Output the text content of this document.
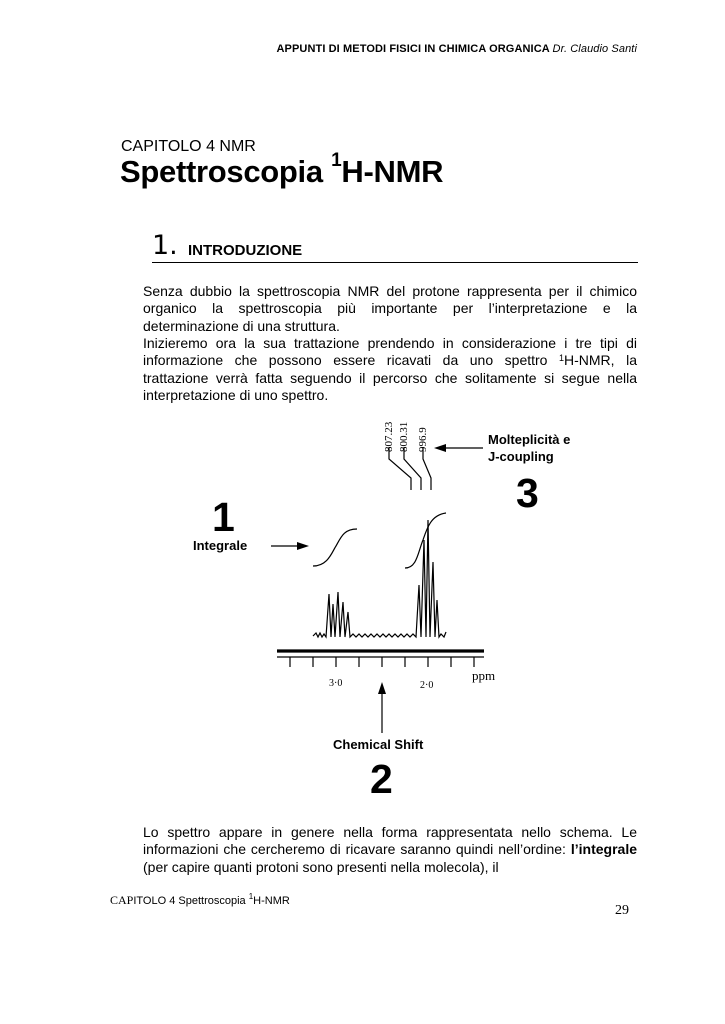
APPUNTI DI METODI FISICI IN CHIMICA ORGANICA Dr. Claudio Santi
CAPITOLO 4 NMR
Spettroscopia $^1$H-NMR
1. INTRODUZIONE
Senza dubbio la spettroscopia NMR del protone rappresenta per il chimico organico la spettroscopia più importante per l’interpretazione e la determinazione di una struttura.
Inizieremo ora la sua trattazione prendendo in considerazione i tre tipi di informazione che possono essere ricavati da uno spettro $^1$H-NMR, la trattazione verrà fatta seguendo il percorso che solitamente si segue nella interpretazione di uno spettro.
807.23 800.31 996.9
3·0	2·0
ppm
Integrale
1
Molteplicità e
J-coupling
3
Chemical Shift
2
Lo spettro appare in genere nella forma rappresentata nello schema. Le informazioni che cercheremo di ricavare saranno quindi nell’ordine: l’integrale (per capire quanti protoni sono presenti nella molecola), il
CAPITOLO 4 Spettroscopia $^1$H-NMR
29
